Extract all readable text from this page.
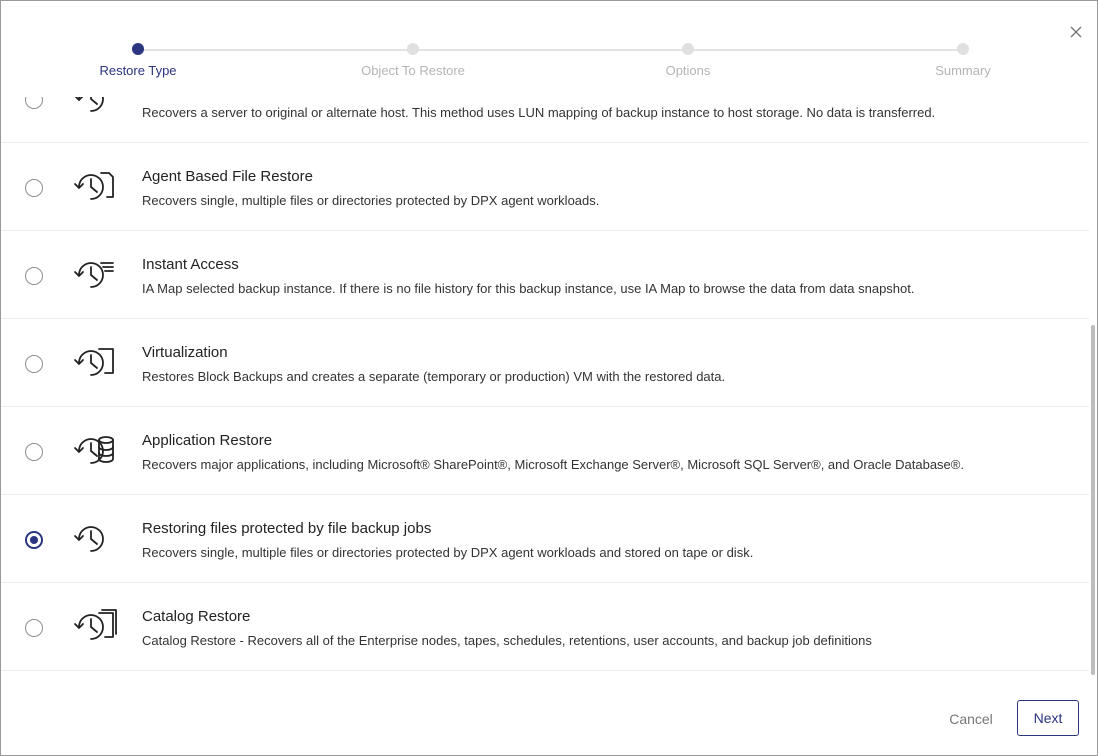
Restore Type	Object To Restore	Options	Summary
Recovers a server to original or alternate host. This method uses LUN mapping of backup instance to host storage. No data is transferred.
Agent Based File Restore
Recovers single, multiple files or directories protected by DPX agent workloads.
Instant Access
IA Map selected backup instance. If there is no file history for this backup instance, use IA Map to browse the data from data snapshot.
Virtualization
Restores Block Backups and creates a separate (temporary or production) VM with the restored data.
Application Restore
Recovers major applications, including Microsoft® SharePoint®, Microsoft Exchange Server®, Microsoft SQL Server®, and Oracle Database®.
Restoring files protected by file backup jobs
Recovers single, multiple files or directories protected by DPX agent workloads and stored on tape or disk.
Catalog Restore
Catalog Restore - Recovers all of the Enterprise nodes, tapes, schedules, retentions, user accounts, and backup job definitions
Cancel	Next
